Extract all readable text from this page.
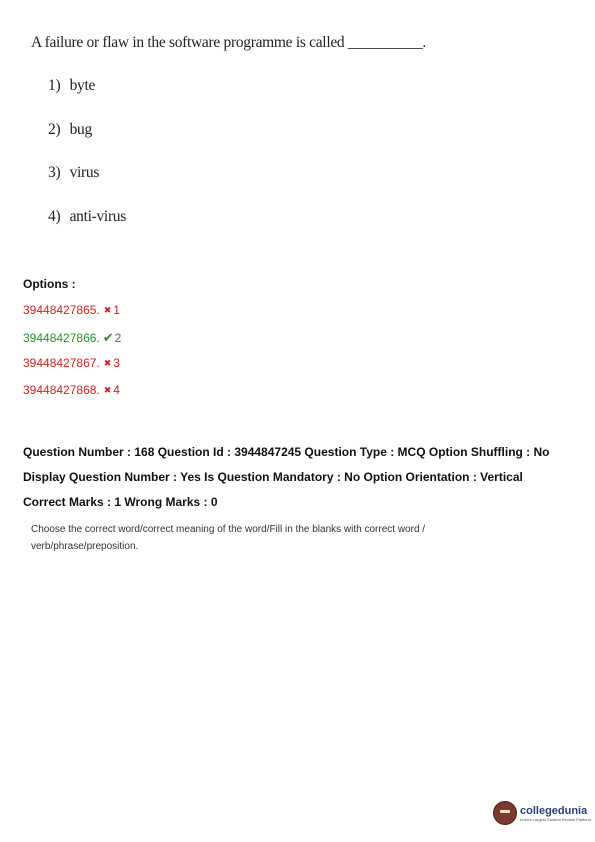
A failure or flaw in the software programme is called __________.
1) byte
2) bug
3) virus
4) anti-virus
Options :
39448427865. ✖ 1
39448427866. ✔2
39448427867. ✖ 3
39448427868. ✖ 4
Question Number : 168 Question Id : 3944847245 Question Type : MCQ Option Shuffling : No
Display Question Number : Yes Is Question Mandatory : No Option Orientation : Vertical
Correct Marks : 1 Wrong Marks : 0
Choose the correct word/correct meaning of the word/Fill in the blanks with correct word /
verb/phrase/preposition.
collegedunia
India's Largest Student Review Platform
